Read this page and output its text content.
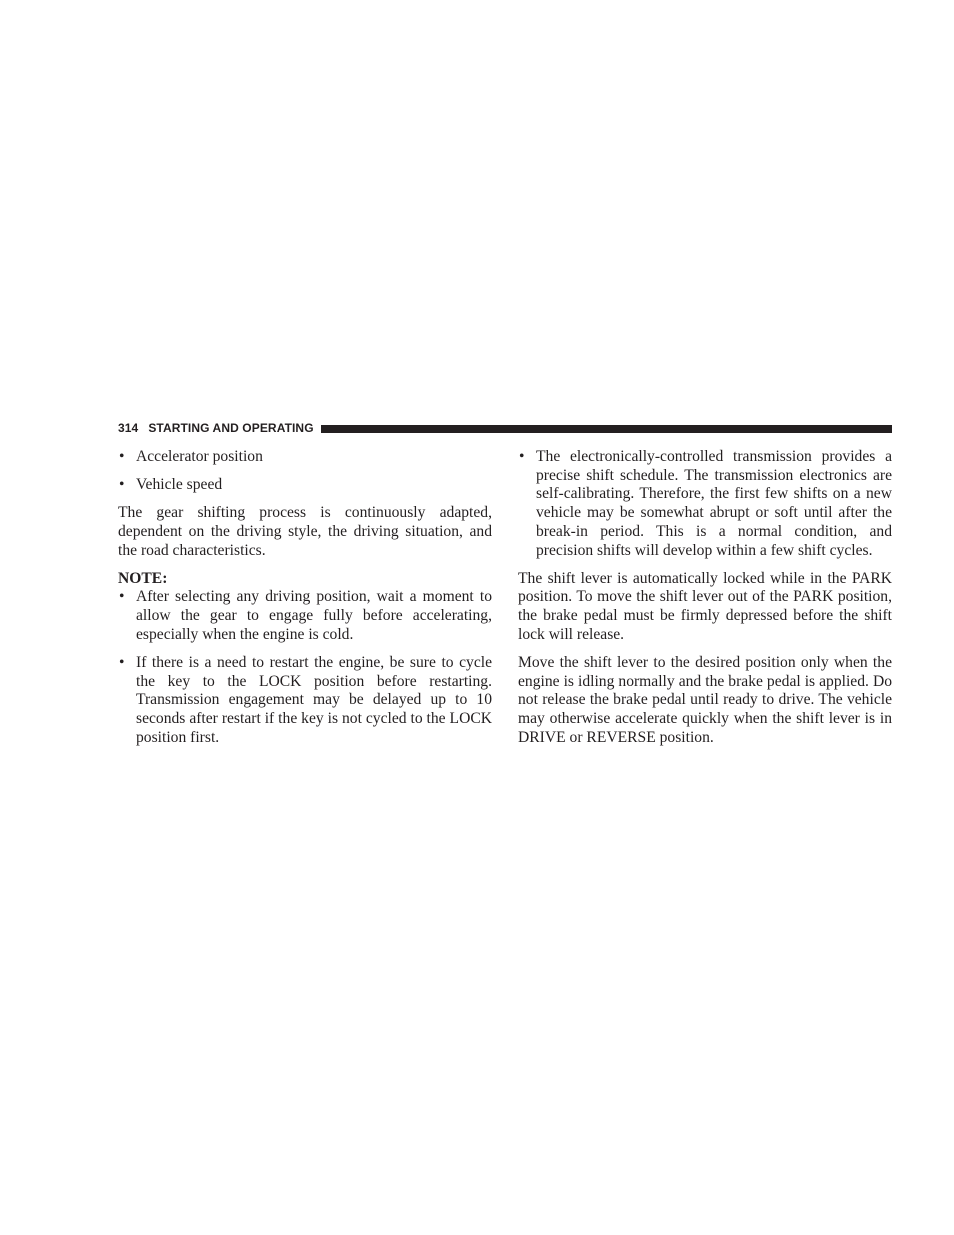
314 STARTING AND OPERATING
• Accelerator position
• Vehicle speed

The gear shifting process is continuously adapted, dependent on the driving style, the driving situation, and the road characteristics.

NOTE:

• After selecting any driving position, wait a moment to allow the gear to engage fully before accelerating, especially when the engine is cold.
• If there is a need to restart the engine, be sure to cycle the key to the LOCK position before restarting. Transmission engagement may be delayed up to 10 seconds after restart if the key is not cycled to the LOCK position first.
• The electronically-controlled transmission provides a precise shift schedule. The transmission electronics are self-calibrating. Therefore, the first few shifts on a new vehicle may be somewhat abrupt or soft until after the break-in period. This is a normal condition, and precision shifts will develop within a few shift cycles.

The shift lever is automatically locked while in the PARK position. To move the shift lever out of the PARK position, the brake pedal must be firmly depressed before the shift lock will release.

Move the shift lever to the desired position only when the engine is idling normally and the brake pedal is applied. Do not release the brake pedal until ready to drive. The vehicle may otherwise accelerate quickly when the shift lever is in DRIVE or REVERSE position.
